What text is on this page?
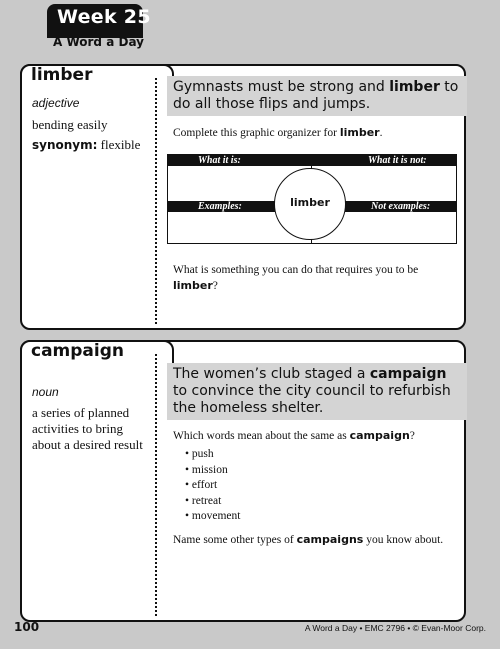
Week 25
A Word a Day
limber
adjective
bending easily
synonym: flexible
Gymnasts must be strong and limber to do all those flips and jumps.
Complete this graphic organizer for limber.
What it is:	What it is not:
Examples:	Not examples:
limber
What is something you can do that requires you to be limber?
campaign
noun
a series of planned activities to bring about a desired result
The women’s club staged a campaign to convince the city council to refurbish the homeless shelter.
Which words mean about the same as campaign?
• push
• mission
• effort
• retreat
• movement
Name some other types of campaigns you know about.
100	A Word a Day • EMC 2796 • © Evan-Moor Corp.
